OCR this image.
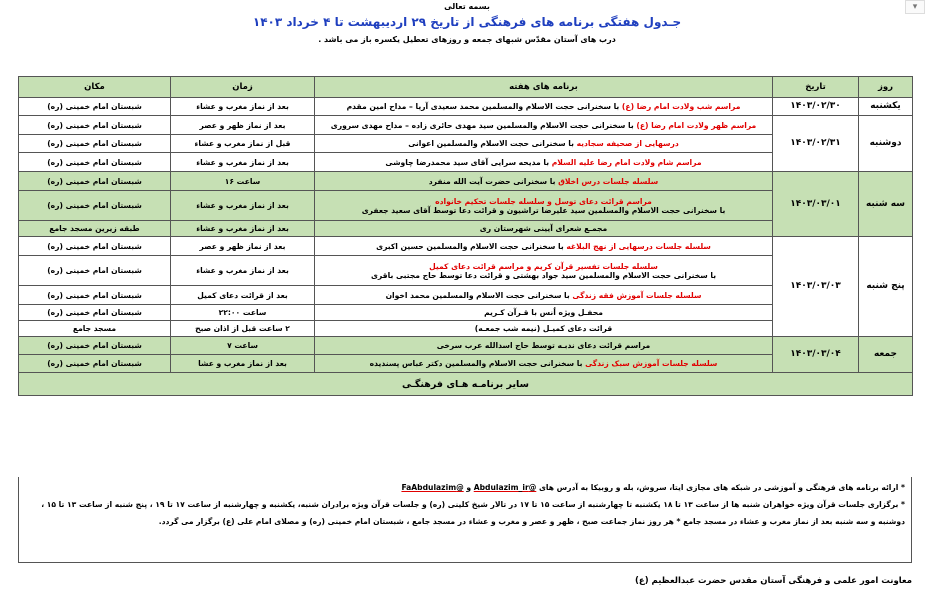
بسمه تعالی
جـدول هفتگی برنامه های فرهنگی از تاریخ ۲۹ اردیبهشت تا ۴ خرداد ۱۴۰۳
درب های آستان مقدّس شبهای جمعه و روزهای تعطیل یکسره باز می باشد .
▾
روز	تاریخ	برنامه های هفته	زمان	مکان
یکشنبه	۱۴۰۳/۰۲/۳۰	مراسم شب ولادت امام رضا (ع) با سخنرانی حجت الاسلام والمسلمین محمد سعیدی آریا – مداح امین مقدم	بعد از نماز مغرب و عشاء	شبستان امام خمینی (ره)
دوشنبه	۱۴۰۳/۰۲/۳۱	مراسم ظهر ولادت امام رضا (ع) با سخنرانی حجت الاسلام والمسلمین سید مهدی حائری زاده – مداح مهدی سروری	بعد از نماز ظهر و عصر	شبستان امام خمینی (ره)
		درسهایی از صحیفه سجادیه با سخنرانی حجت الاسلام والمسلمین اعوانی	قبل از نماز مغرب و عشاء	شبستان امام خمینی (ره)
		مراسم شام ولادت امام رضا علیه السلام با مدیحه سرایی آقای سید محمدرضا چاوشی	بعد از نماز مغرب و عشاء	شبستان امام خمینی (ره)
سه شنبه	۱۴۰۳/۰۳/۰۱	سلسله جلسات درس اخلاق با سخنرانی حضرت آیت الله منفرد	ساعت ۱۶	شبستان امام خمینی (ره)
		مراسم قرائت دعای توسل و سلسله جلسات تحکیم خانواده
با سخنرانی حجت الاسلام والمسلمین سید علیرضا تراشیون و قرائت دعا توسط آقای سعید جعفری	بعد از نماز مغرب و عشاء	شبستان امام خمینی (ره)
		مجمـع شعرای آیینی شهرستان ری	بعد از نماز مغرب و عشاء	طبقه زیرین مسجد جامع
پنج شنبه	۱۴۰۳/۰۳/۰۳	سلسله جلسات درسهایی از نهج البلاغه با سخنرانی حجت الاسلام والمسلمین حسین اکبری	بعد از نماز ظهر و عصر	شبستان امام خمینی (ره)
		سلسله جلسات تفسیر قرآن کریم و مراسم قرائت دعای کمیل
با سخنرانی حجت الاسلام والمسلمین سید جواد بهشتی و قرائت دعا توسط حاج مجتبی باقری	بعد از نماز مغرب و عشاء	شبستان امام خمینی (ره)
		سلسله جلسات آموزش فقه زندگی با سخنرانی حجت الاسلام والمسلمین محمد اخوان	بعد از قرائت دعای کمیل	شبستان امام خمینی (ره)
		محفـل ویژه اُنس با قـرآن کـریم	ساعت ۲۲:۰۰	شبستان امام خمینی (ره)
		قرائت دعای کمیـل (نیمه شب جمعـه)	۲ ساعت قبل از اذان صبح	مسجد جامع
جمعه	۱۴۰۳/۰۳/۰۴	مراسم قرائت دعای ندبـه توسط حاج اسدالله عرب سرخی	ساعت ۷	شبستان امام خمینی (ره)
		سلسله جلسات آموزش سبک زندگی با سخنرانی حجت الاسلام والمسلمین دکتر عباس پسندیده	بعد از نماز مغرب و عشا	شبستان امام خمینی (ره)
سایر برنامـه هـای فرهنگـی				

* ارائه برنامه های فرهنگی و آموزشی در شبکه های مجازی ایتا، سروش، بله و روبیکا به آدرس های @Abdulazim_ir و @FaAbdulazim

* برگزاری جلسات قرآن ویژه خواهران شنبه ها از ساعت ۱۳ تا ۱۸ یکشنبه تا چهارشنبه از ساعت ۱۵ تا ۱۷ در تالار شیخ کلینی (ره) و جلسات قرآن ویژه برادران شنبه، یکشنبه و چهارشنبه از ساعت ۱۷ تا ۱۹ ، پنج شنبه از ساعت ۱۳ تا ۱۵ ،

دوشنبه و سه شنبه بعد از نماز مغرب و عشاء در مسجد جامع * هر روز نماز جماعت صبح ، ظهر و عصر و مغرب و عشاء در مسجد جامع ، شبستان امام خمینی (ره) و مصلای امام علی (ع) برگزار می گردد.

معاونت امور علمی و فرهنگی آستان مقدس حضرت عبدالعظیم (ع)
